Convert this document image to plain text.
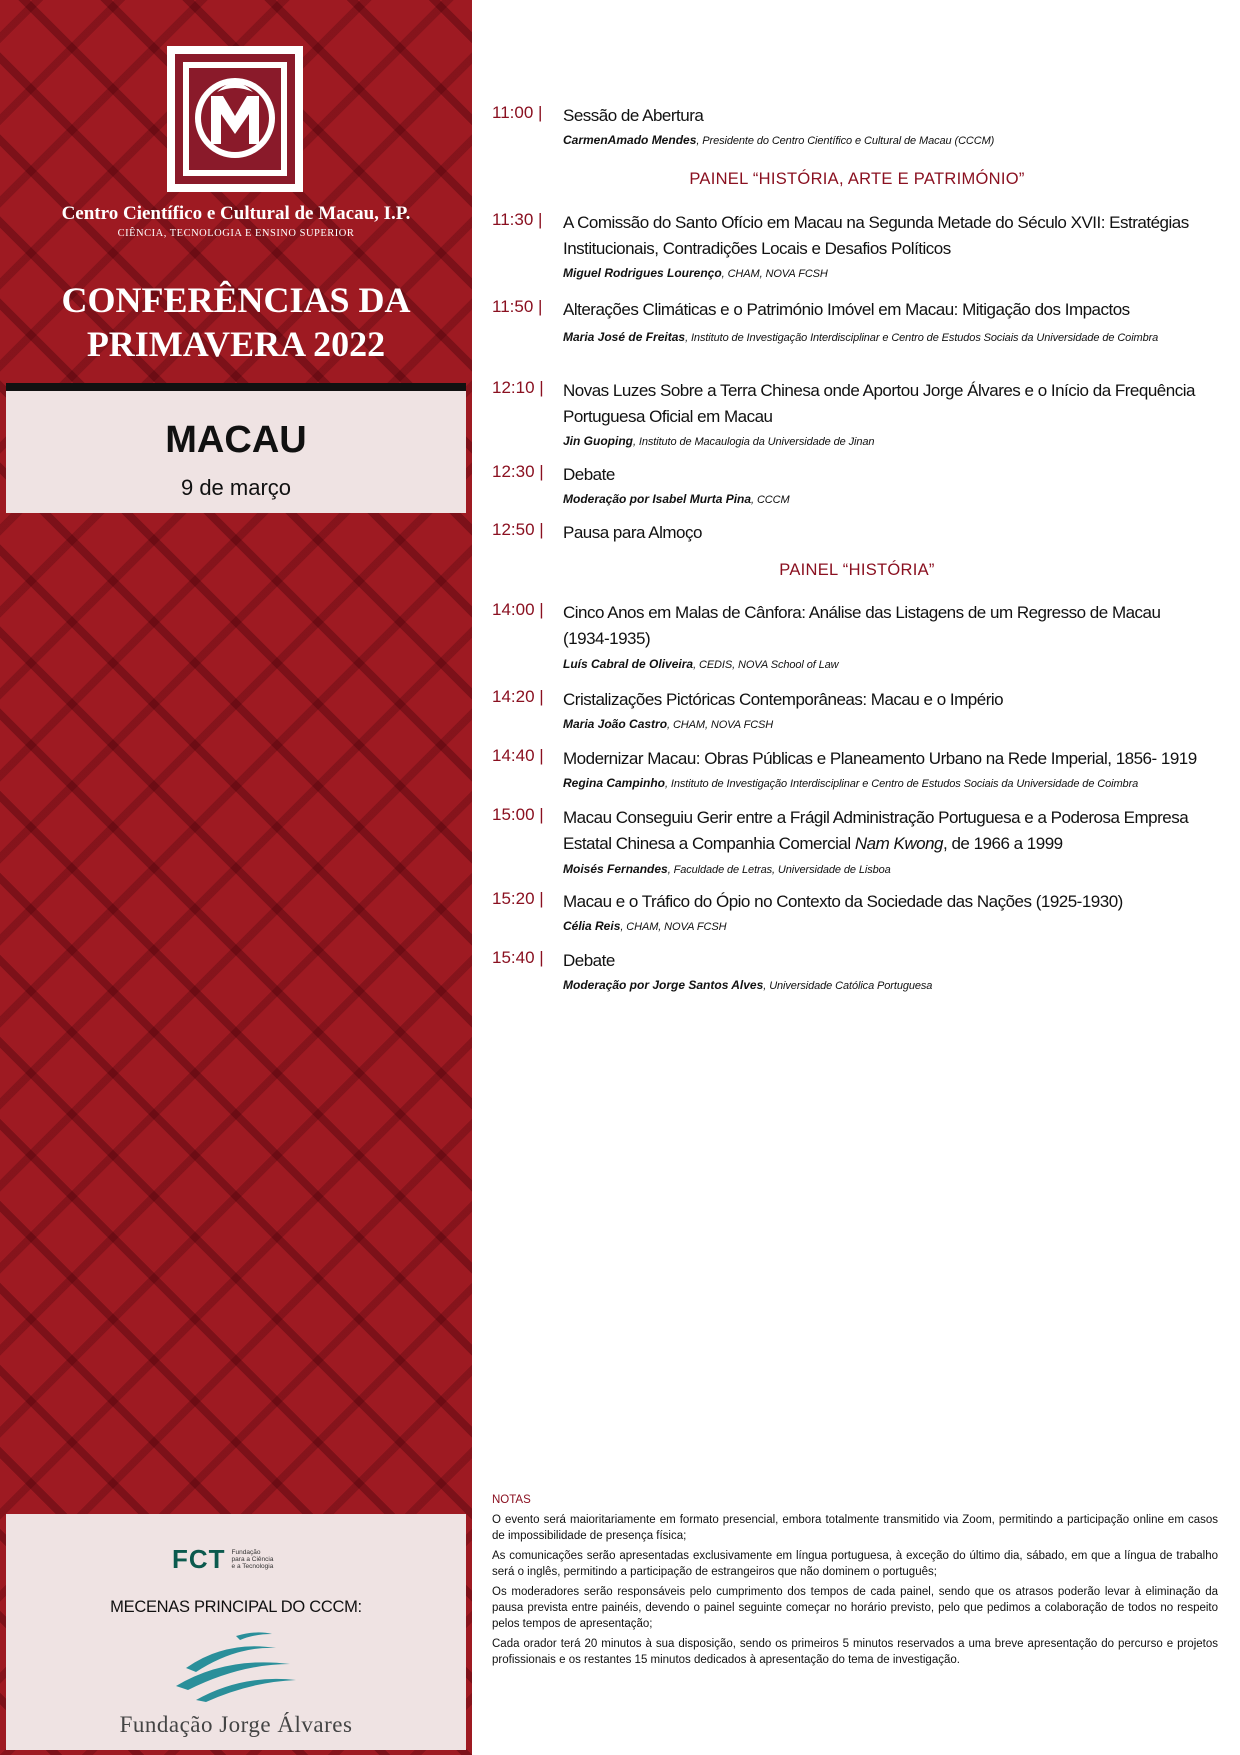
Centro Científico e Cultural de Macau, I.P.
CIÊNCIA, TECNOLOGIA E ENSINO SUPERIOR
CONFERÊNCIAS DA
PRIMAVERA 2022
MACAU
9 de março
FCT Fundação
para a Ciência
e a Tecnologia
MECENAS PRINCIPAL DO CCCM:
Fundação Jorge Álvares
11:00 | Sessão de Abertura
CarmenAmado Mendes, Presidente do Centro Científico e Cultural de Macau (CCCM)
PAINEL “HISTÓRIA, ARTE E PATRIMÓNIO”
11:30 | A Comissão do Santo Ofício em Macau na Segunda Metade do Século XVII: Estratégias Institucionais, Contradições Locais e Desafios Políticos
Miguel Rodrigues Lourenço, CHAM, NOVA FCSH
11:50 | Alterações Climáticas e o Património Imóvel em Macau: Mitigação dos Impactos
Maria José de Freitas, Instituto de Investigação Interdisciplinar e Centro de Estudos Sociais da Universidade de Coimbra
12:10 | Novas Luzes Sobre a Terra Chinesa onde Aportou Jorge Álvares e o Início da Frequência Portuguesa Oficial em Macau
Jin Guoping, Instituto de Macaulogia da Universidade de Jinan
12:30 | Debate
Moderação por Isabel Murta Pina, CCCM
12:50 | Pausa para Almoço
PAINEL “HISTÓRIA”
14:00 | Cinco Anos em Malas de Cânfora: Análise das Listagens de um Regresso de Macau (1934-1935)
Luís Cabral de Oliveira, CEDIS, NOVA School of Law
14:20 | Cristalizações Pictóricas Contemporâneas: Macau e o Império
Maria João Castro, CHAM, NOVA FCSH
14:40 | Modernizar Macau: Obras Públicas e Planeamento Urbano na Rede Imperial, 1856- 1919
Regina Campinho, Instituto de Investigação Interdisciplinar e Centro de Estudos Sociais da Universidade de Coimbra
15:00 | Macau Conseguiu Gerir entre a Frágil Administração Portuguesa e a Poderosa Empresa Estatal Chinesa a Companhia Comercial Nam Kwong, de 1966 a 1999
Moisés Fernandes, Faculdade de Letras, Universidade de Lisboa
15:20 | Macau e o Tráfico do Ópio no Contexto da Sociedade das Nações (1925-1930)
Célia Reis, CHAM, NOVA FCSH
15:40 | Debate
Moderação por Jorge Santos Alves, Universidade Católica Portuguesa
NOTAS
O evento será maioritariamente em formato presencial, embora totalmente transmitido via Zoom, permitindo a participação online em casos de impossibilidade de presença física;
As comunicações serão apresentadas exclusivamente em língua portuguesa, à exceção do último dia, sábado, em que a língua de trabalho será o inglês, permitindo a participação de estrangeiros que não dominem o português;
Os moderadores serão responsáveis pelo cumprimento dos tempos de cada painel, sendo que os atrasos poderão levar à eliminação da pausa prevista entre painéis, devendo o painel seguinte começar no horário previsto, pelo que pedimos a colaboração de todos no respeito pelos tempos de apresentação;
Cada orador terá 20 minutos à sua disposição, sendo os primeiros 5 minutos reservados a uma breve apresentação do percurso e projetos profissionais e os restantes 15 minutos dedicados à apresentação do tema de investigação.
